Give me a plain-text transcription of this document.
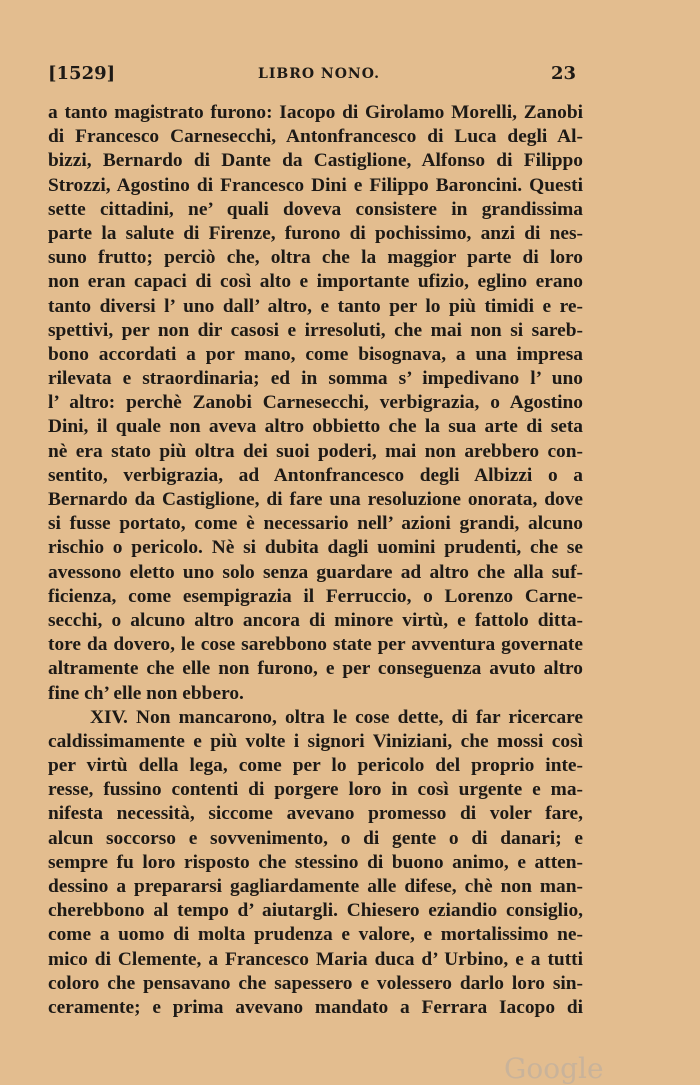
[1529]	LIBRO NONO.	23
a tanto magistrato furono: Iacopo di Girolamo Morelli, Zanobi
di Francesco Carnesecchi, Antonfrancesco di Luca degli Al-
bizzi, Bernardo di Dante da Castiglione, Alfonso di Filippo
Strozzi, Agostino di Francesco Dini e Filippo Baroncini. Questi
sette cittadini, ne’ quali doveva consistere in grandissima
parte la salute di Firenze, furono di pochissimo, anzi di nes-
suno frutto; perciò che, oltra che la maggior parte di loro
non eran capaci di così alto e importante ufizio, eglino erano
tanto diversi l’ uno dall’ altro, e tanto per lo più timidi e re-
spettivi, per non dir casosi e irresoluti, che mai non si sareb-
bono accordati a por mano, come bisognava, a una impresa
rilevata e straordinaria; ed in somma s’ impedivano l’ uno
l’ altro: perchè Zanobi Carnesecchi, verbigrazia, o Agostino
Dini, il quale non aveva altro obbietto che la sua arte di seta
nè era stato più oltra dei suoi poderi, mai non arebbero con-
sentito, verbigrazia, ad Antonfrancesco degli Albizzi o a
Bernardo da Castiglione, di fare una resoluzione onorata, dove
si fusse portato, come è necessario nell’ azioni grandi, alcuno
rischio o pericolo. Nè si dubita dagli uomini prudenti, che se
avessono eletto uno solo senza guardare ad altro che alla suf-
ficienza, come esempigrazia il Ferruccio, o Lorenzo Carne-
secchi, o alcuno altro ancora di minore virtù, e fattolo ditta-
tore da dovero, le cose sarebbono state per avventura governate
altramente che elle non furono, e per conseguenza avuto altro
fine ch’ elle non ebbero.
XIV. Non mancarono, oltra le cose dette, di far ricercare
caldissimamente e più volte i signori Viniziani, che mossi così
per virtù della lega, come per lo pericolo del proprio inte-
resse, fussino contenti di porgere loro in così urgente e ma-
nifesta necessità, siccome avevano promesso di voler fare,
alcun soccorso e sovvenimento, o di gente o di danari; e
sempre fu loro risposto che stessino di buono animo, e atten-
dessino a prepararsi gagliardamente alle difese, chè non man-
cherebbono al tempo d’ aiutargli. Chiesero eziandio consiglio,
come a uomo di molta prudenza e valore, e mortalissimo ne-
mico di Clemente, a Francesco Maria duca d’ Urbino, e a tutti
coloro che pensavano che sapessero e volessero darlo loro sin-
ceramente; e prima avevano mandato a Ferrara Iacopo di
Google
